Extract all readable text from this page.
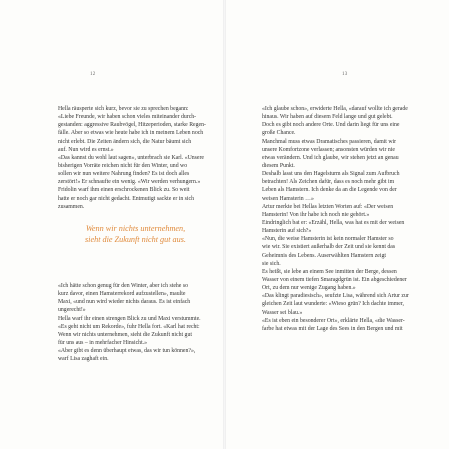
12
Hella räusperte sich kurz, bevor sie zu sprechen begann:
«Liebe Freunde, wir haben schon vieles miteinander durch-
gestanden: aggressive Raubvögel, Hitzeperioden, starke Regen-
fälle. Aber so etwas wie heute habe ich in meinem Leben noch
nicht erlebt. Die Zeiten ändern sich, die Natur bäumt sich
auf. Nun wird es ernst.»
«Das kannst du wohl laut sagen», unterbrach sie Karl. «Unsere
bisherigen Vorräte reichen nicht für den Winter, und wo
sollen wir nun weitere Nahrung finden? Es ist doch alles
zerstört!» Er schnaufte ein wenig. «Wir werden verhungern.»
Fridolin warf ihm einen erschrockenen Blick zu. So weit
hatte er noch gar nicht gedacht. Entmutigt sackte er in sich
zusammen.
Wenn wir nichts unternehmen,
sieht die Zukunft nicht gut aus.
«Ich hätte schon genug für den Winter, aber ich stehe so
kurz davor, einen Hamsterrekord aufzustellen», maulte
Maxi, «und nun wird wieder nichts daraus. Es ist einfach
ungerecht!»
Hella warf ihr einen strengen Blick zu und Maxi verstummte.
«Es geht nicht um Rekorde», fuhr Hella fort. «Karl hat recht:
Wenn wir nichts unternehmen, sieht die Zukunft nicht gut
für uns aus – in mehrfacher Hinsicht.»
«Aber gibt es denn überhaupt etwas, das wir tun können?»,
warf Lisa zaghaft ein.
13
«Ich glaube schon», erwiderte Hella, «darauf wollte ich gerade
hinaus. Wir haben auf diesem Feld lange und gut gelebt.
Doch es gibt noch andere Orte. Und darin liegt für uns eine
große Chance.
Manchmal muss etwas Dramatisches passieren, damit wir
unsere Komfortzone verlassen; ansonsten würden wir nie
etwas verändern. Und ich glaube, wir stehen jetzt an genau
diesem Punkt.
Deshalb lasst uns den Hagelsturm als Signal zum Aufbruch
betrachten! Als Zeichen dafür, dass es noch mehr gibt im
Leben als Hamstern. Ich denke da an die Legende von der
weisen Hamsterin …»
Artur merkte bei Hellas letzten Worten auf: «Der weisen
Hamsterin! Von ihr habe ich noch nie gehört.»
Eindringlich bat er: «Erzähl, Hella, was hat es mit der weisen
Hamsterin auf sich?»
«Nun, die weise Hamsterin ist kein normaler Hamster so
wie wir. Sie existiert außerhalb der Zeit und sie kennt das
Geheimnis des Lebens. Auserwählten Hamstern zeigt
sie sich.
Es heißt, sie lebe an einem See inmitten der Berge, dessen
Wasser von einem tiefen Smaragdgrün ist. Ein abgeschiedener
Ort, zu dem nur wenige Zugang haben.»
«Das klingt paradiesisch», seufzte Lisa, während sich Artur zur
gleichen Zeit laut wunderte: «Wieso grün? Ich dachte immer,
Wasser sei blau.»
«Es ist eben ein besonderer Ort», erklärte Hella, «die Wasser-
farbe hat etwas mit der Lage des Sees in den Bergen und mit
